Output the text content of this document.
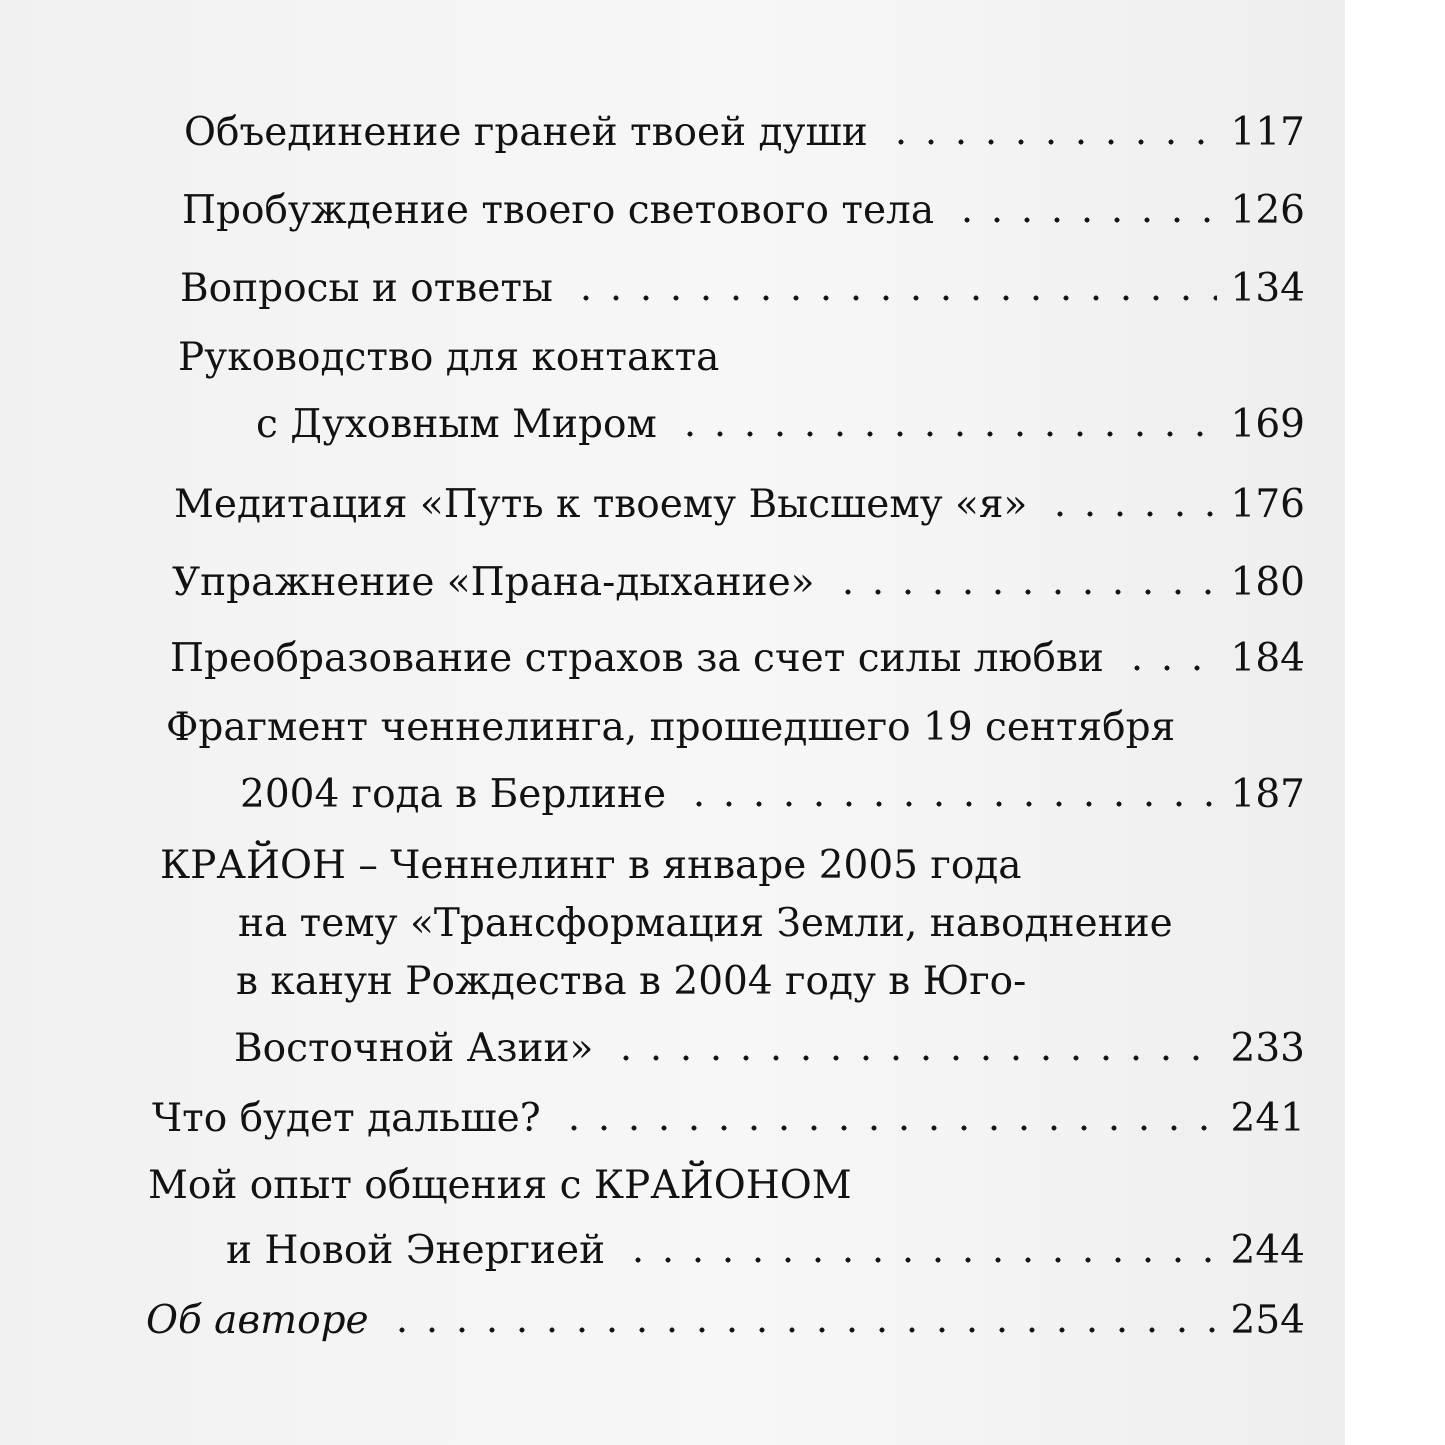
Объединение граней твоей души	117
Пробуждение твоего светового тела	126
Вопросы и ответы	134
Руководство для контакта
с Духовным Миром	169
Медитация «Путь к твоему Высшему «я»	176
Упражнение «Прана-дыхание»	180
Преобразование страхов за счет силы любви	184
Фрагмент ченнелинга, прошедшего 19 сентября
2004 года в Берлине	187
КРАЙОН – Ченнелинг в январе 2005 года
на тему «Трансформация Земли, наводнение
в канун Рождества в 2004 году в Юго-
Восточной Азии»	233
Что будет дальше?	241
Мой опыт общения с КРАЙОНОМ
и Новой Энергией	244
Об авторе	254
